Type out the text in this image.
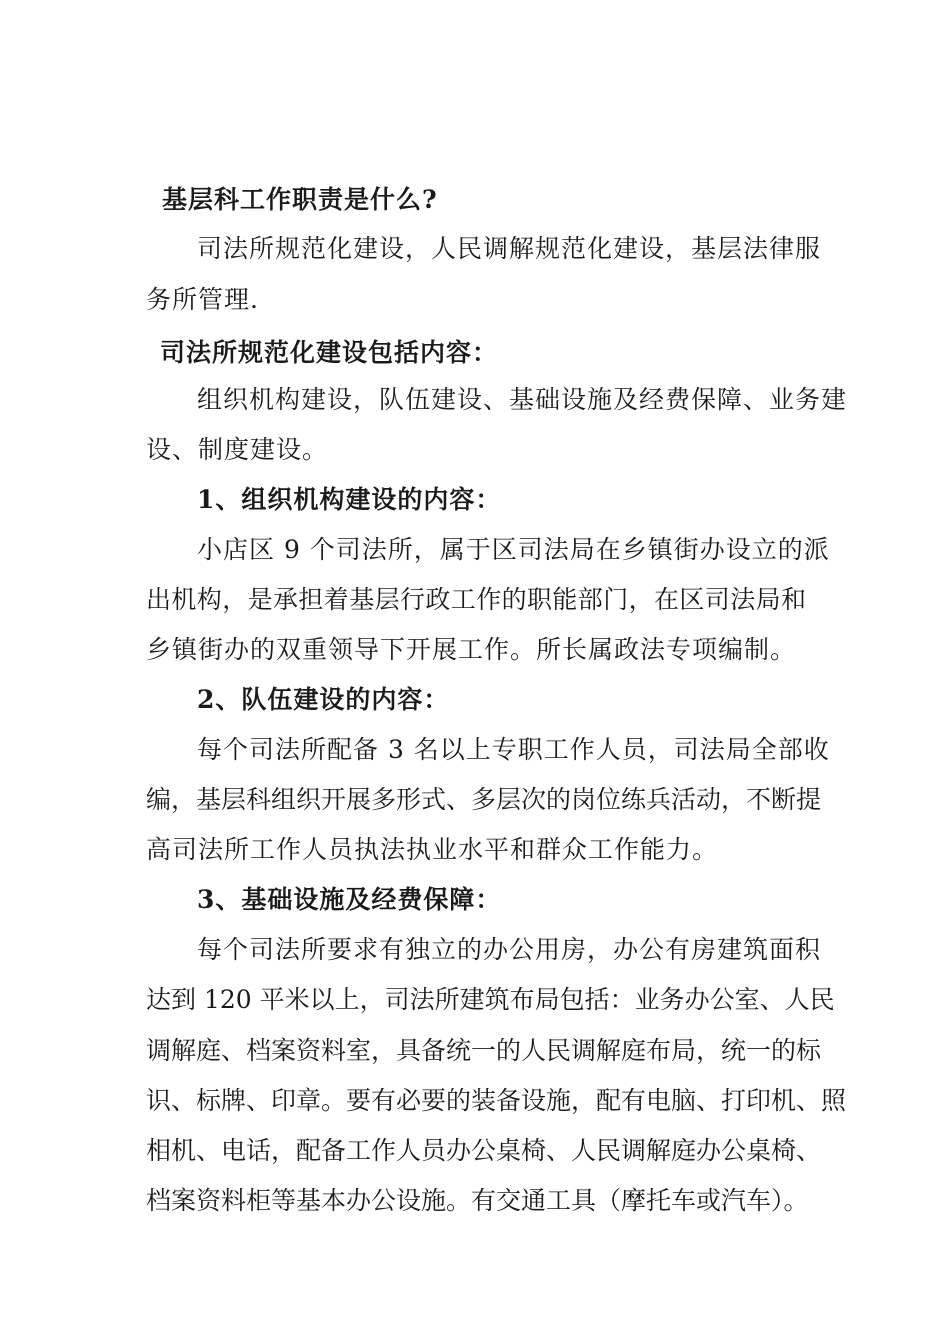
基层科工作职责是什么?
司法所规范化建设，人民调解规范化建设，基层法律服
务所管理.
司法所规范化建设包括内容：
组织机构建设，队伍建设、基础设施及经费保障、业务建
设、制度建设。
1、组织机构建设的内容：
小店区 9 个司法所，属于区司法局在乡镇街办设立的派
出机构，是承担着基层行政工作的职能部门，在区司法局和
乡镇街办的双重领导下开展工作。所长属政法专项编制。
2、队伍建设的内容：
每个司法所配备 3 名以上专职工作人员，司法局全部收
编，基层科组织开展多形式、多层次的岗位练兵活动，不断提
高司法所工作人员执法执业水平和群众工作能力。
3、基础设施及经费保障：
每个司法所要求有独立的办公用房，办公有房建筑面积
达到 120 平米以上，司法所建筑布局包括：业务办公室、人民
调解庭、档案资料室，具备统一的人民调解庭布局，统一的标
识、标牌、印章。要有必要的装备设施，配有电脑、打印机、照
相机、电话，配备工作人员办公桌椅、人民调解庭办公桌椅、
档案资料柜等基本办公设施。有交通工具（摩托车或汽车）。
